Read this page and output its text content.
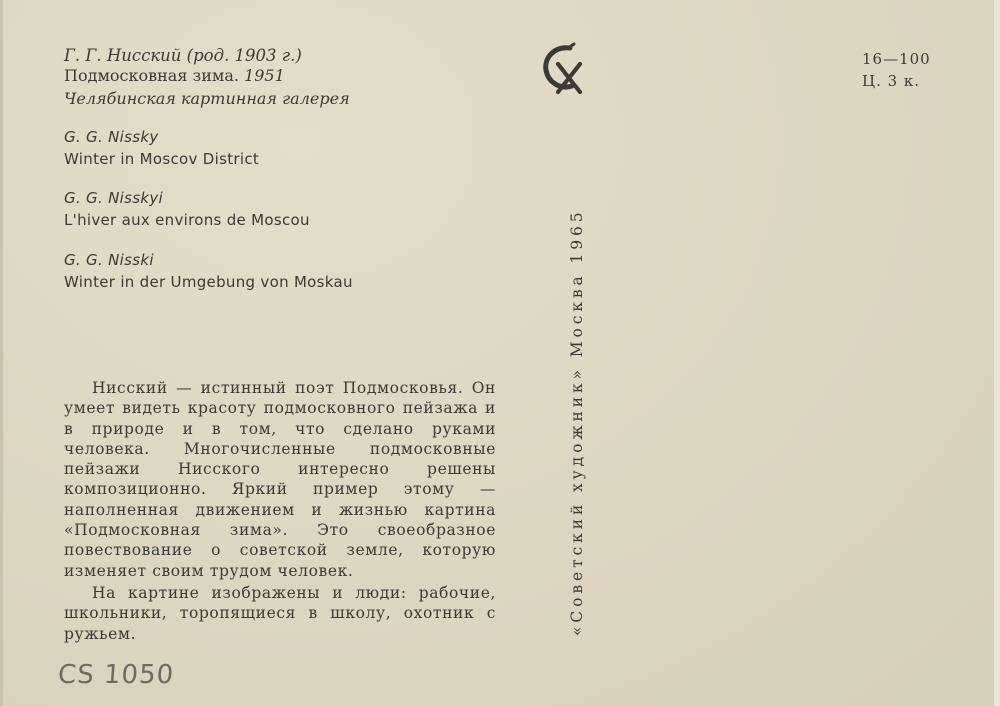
Г. Г. Нисский (род. 1903 г.)
Подмосковная зима. 1951
Челябинская картинная галерея
G. G. Nissky
Winter in Moscov District
G. G. Nisskyi
L'hiver aux environs de Moscou
G. G. Nisski
Winter in der Umgebung von Moskau

Нисский — истинный поэт Подмосковья. Он умеет видеть красоту подмосковного пейзажа и в природе и в том, что сделано руками человека. Многочисленные подмосковные пейзажи Нисского интересно решены композиционно. Яркий пример этому — наполненная движением и жизнью картина «Подмосковная зима». Это своеобразное повествование о советской земле, которую изменяет своим трудом человек.

На картине изображены и люди: рабочие, школьники, торопящиеся в школу, охотник с ружьем.	«Советский художник» Москва 1965
16—100
Ц. 3 к.
CS 1050
